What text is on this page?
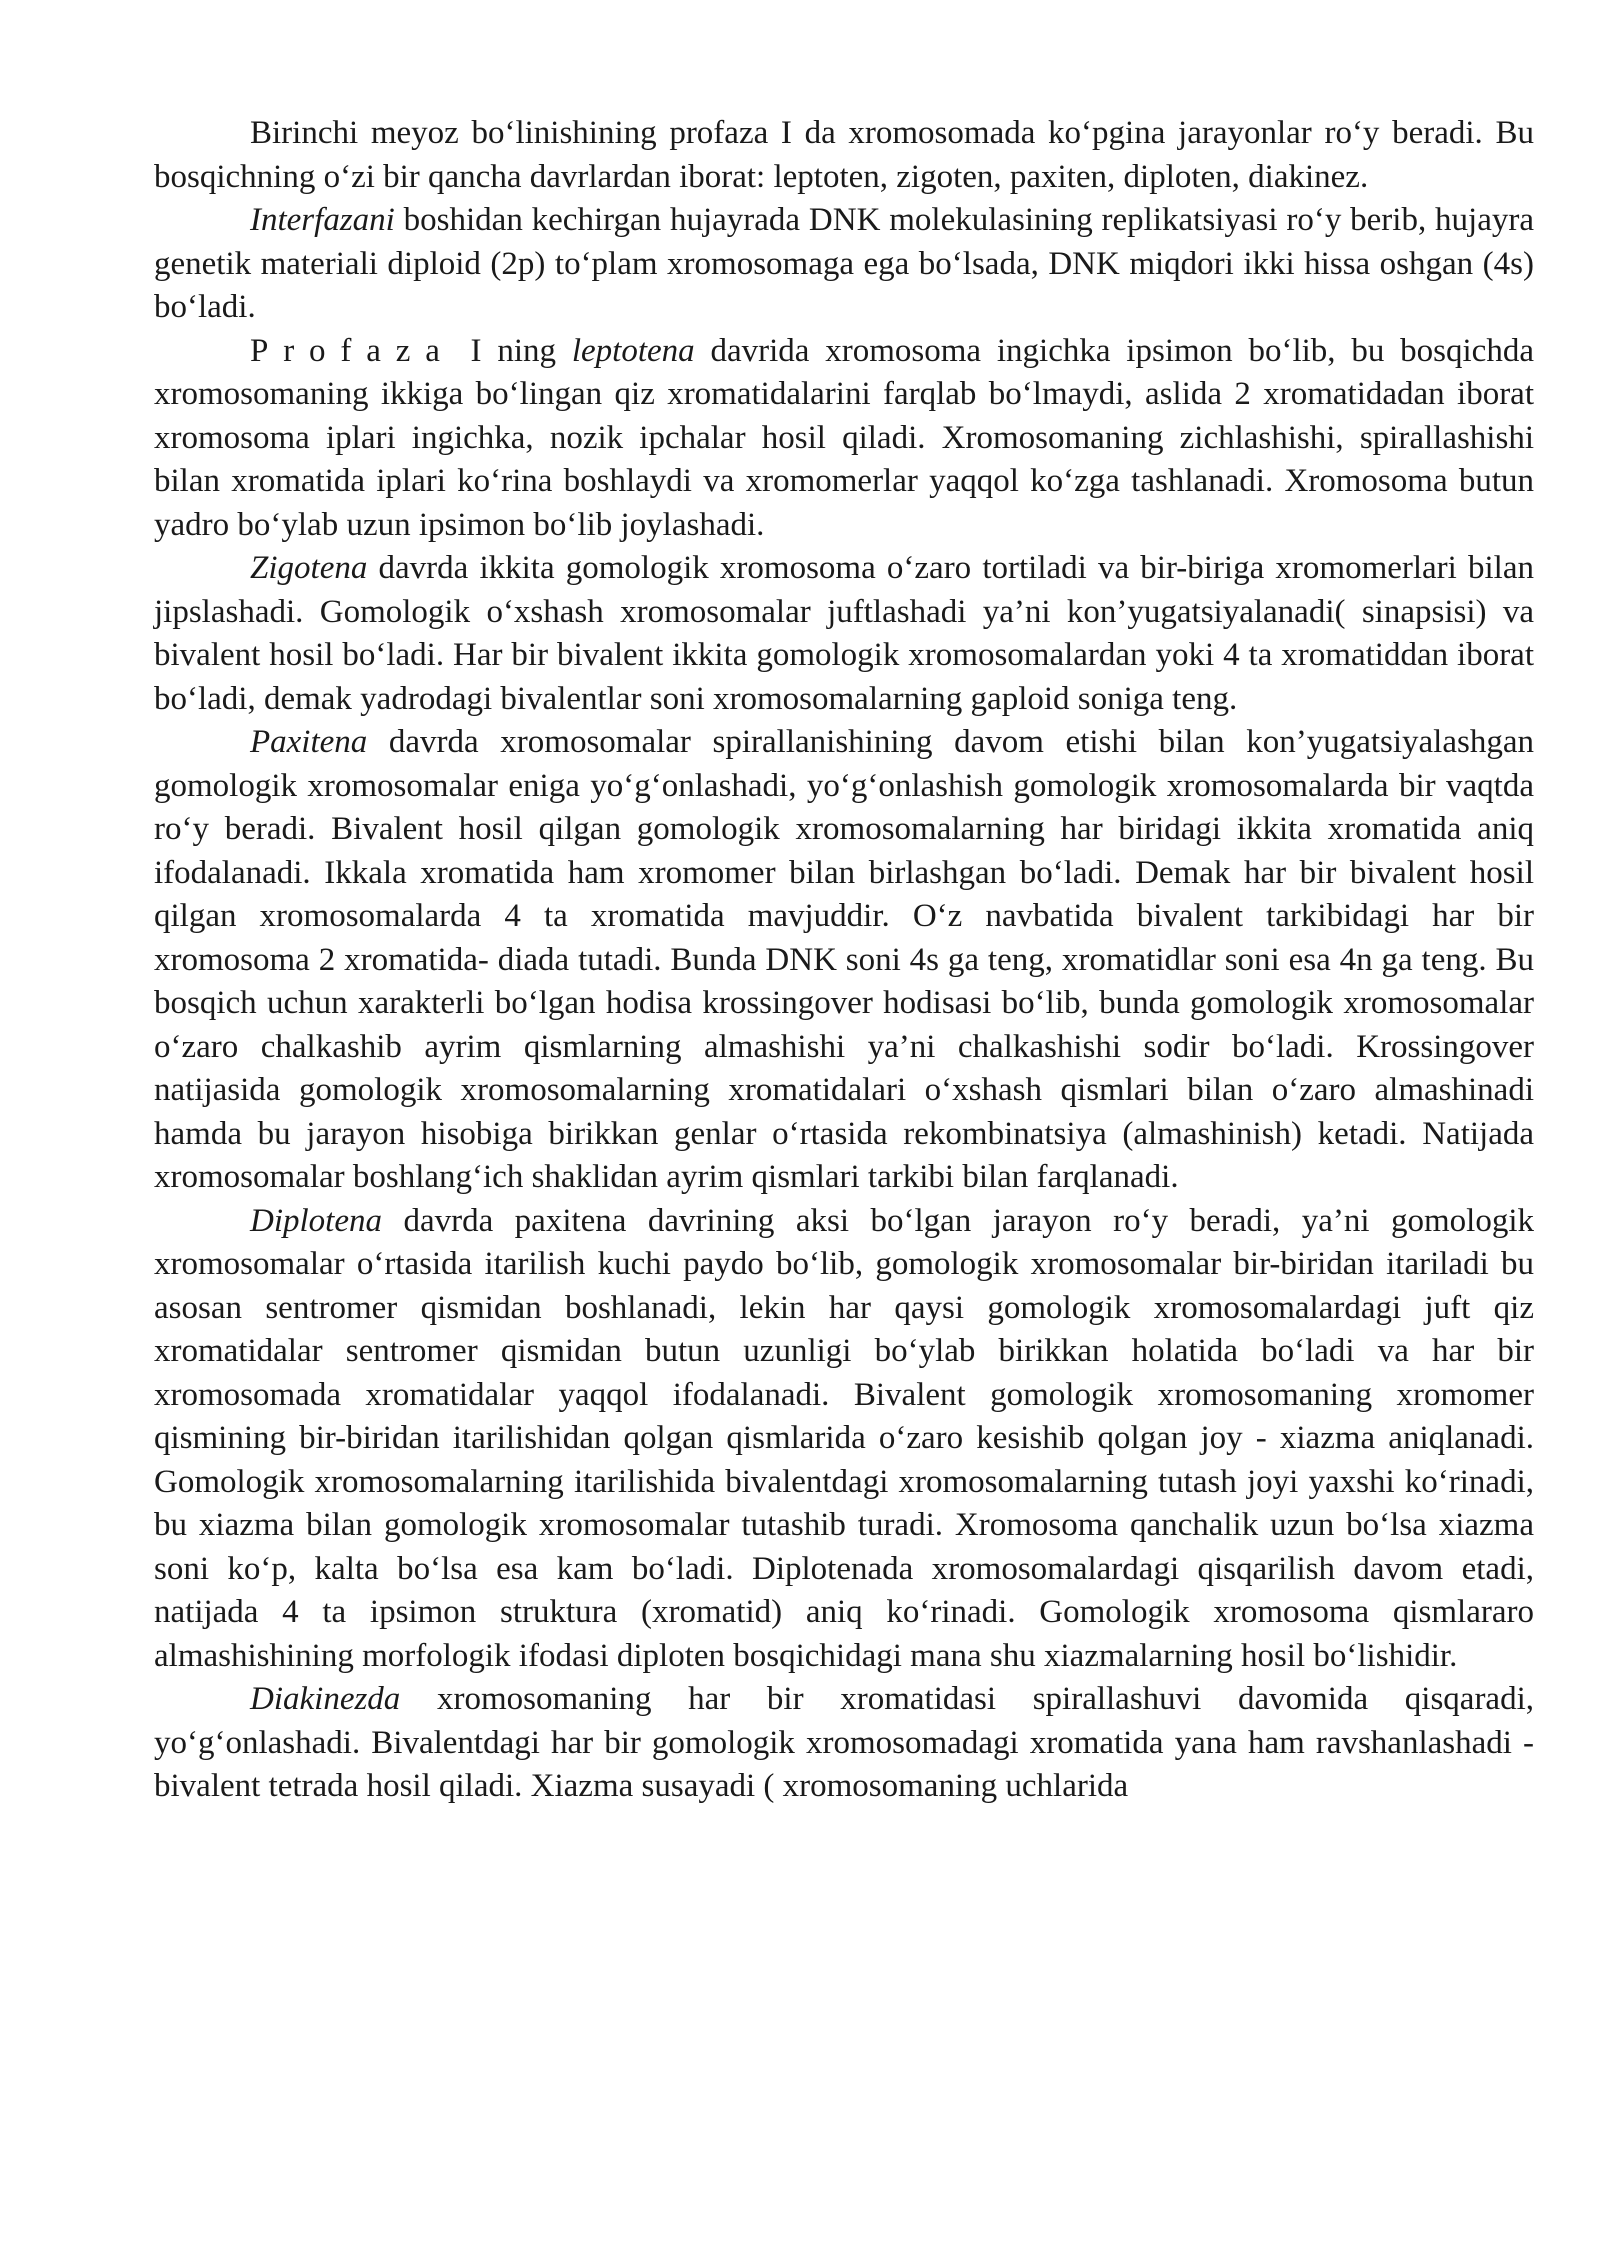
Birinchi meyoz bo‘linishining profaza I da xromosomada ko‘pgina jarayonlar ro‘y beradi. Bu bosqichning o‘zi bir qancha davrlardan iborat: leptoten, zigoten, paxiten, diploten, diakinez.

Interfazani boshidan kechirgan hujayrada DNK molekulasining replikatsiyasi ro‘y berib, hujayra genetik materiali diploid (2p) to‘plam xromosomaga ega bo‘lsada, DNK miqdori ikki hissa oshgan (4s) bo‘ladi.

Profaza I ning leptotena davrida xromosoma ingichka ipsimon bo‘lib, bu bosqichda xromosomaning ikkiga bo‘lingan qiz xromatidalarini farqlab bo‘lmaydi, aslida 2 xromatidadan iborat xromosoma iplari ingichka, nozik ipchalar hosil qiladi. Xromosomaning zichlashishi, spirallashishi bilan xromatida iplari ko‘rina boshlaydi va xromomerlar yaqqol ko‘zga tashlanadi. Xromosoma butun yadro bo‘ylab uzun ipsimon bo‘lib joylashadi.

Zigotena davrda ikkita gomologik xromosoma o‘zaro tortiladi va bir-biriga xromomerlari bilan jipslashadi. Gomologik o‘xshash xromosomalar juftlashadi ya’ni kon’yugatsiyalanadi( sinapsisi) va bivalent hosil bo‘ladi. Har bir bivalent ikkita gomologik xromosomalardan yoki 4 ta xromatiddan iborat bo‘ladi, demak yadrodagi bivalentlar soni xromosomalarning gaploid soniga teng.

Paxitena davrda xromosomalar spirallanishining davom etishi bilan kon’yugatsiyalashgan gomologik xromosomalar eniga yo‘g‘onlashadi, yo‘g‘onlashish gomologik xromosomalarda bir vaqtda ro‘y beradi. Bivalent hosil qilgan gomologik xromosomalarning har biridagi ikkita xromatida aniq ifodalanadi. Ikkala xromatida ham xromomer bilan birlashgan bo‘ladi. Demak har bir bivalent hosil qilgan xromosomalarda 4 ta xromatida mavjuddir. O‘z navbatida bivalent tarkibidagi har bir xromosoma 2 xromatida- diada tutadi. Bunda DNK soni 4s ga teng, xromatidlar soni esa 4n ga teng. Bu bosqich uchun xarakterli bo‘lgan hodisa krossingover hodisasi bo‘lib, bunda gomologik xromosomalar o‘zaro chalkashib ayrim qismlarning almashishi ya’ni chalkashishi sodir bo‘ladi. Krossingover natijasida gomologik xromosomalarning xromatidalari o‘xshash qismlari bilan o‘zaro almashinadi hamda bu jarayon hisobiga birikkan genlar o‘rtasida rekombinatsiya (almashinish) ketadi. Natijada xromosomalar boshlang‘ich shaklidan ayrim qismlari tarkibi bilan farqlanadi.

Diplotena davrda paxitena davrining aksi bo‘lgan jarayon ro‘y beradi, ya’ni gomologik xromosomalar o‘rtasida itarilish kuchi paydo bo‘lib, gomologik xromosomalar bir-biridan itariladi bu asosan sentromer qismidan boshlanadi, lekin har qaysi gomologik xromosomalardagi juft qiz xromatidalar sentromer qismidan butun uzunligi bo‘ylab birikkan holatida bo‘ladi va har bir xromosomada xromatidalar yaqqol ifodalanadi. Bivalent gomologik xromosomaning xromomer qismining bir-biridan itarilishidan qolgan qismlarida o‘zaro kesishib qolgan joy - xiazma aniqlanadi. Gomologik xromosomalarning itarilishida bivalentdagi xromosomalarning tutash joyi yaxshi ko‘rinadi, bu xiazma bilan gomologik xromosomalar tutashib turadi. Xromosoma qanchalik uzun bo‘lsa xiazma soni ko‘p, kalta bo‘lsa esa kam bo‘ladi. Diplotenada xromosomalardagi qisqarilish davom etadi, natijada 4 ta ipsimon struktura (xromatid) aniq ko‘rinadi. Gomologik xromosoma qismlararo almashishining morfologik ifodasi diploten bosqichidagi mana shu xiazmalarning hosil bo‘lishidir.

Diakinezda xromosomaning har bir xromatidasi spirallashuvi davomida qisqaradi, yo‘g‘onlashadi. Bivalentdagi har bir gomologik xromosomadagi xromatida yana ham ravshanlashadi - bivalent tetrada hosil qiladi. Xiazma susayadi ( xromosomaning uchlarida
